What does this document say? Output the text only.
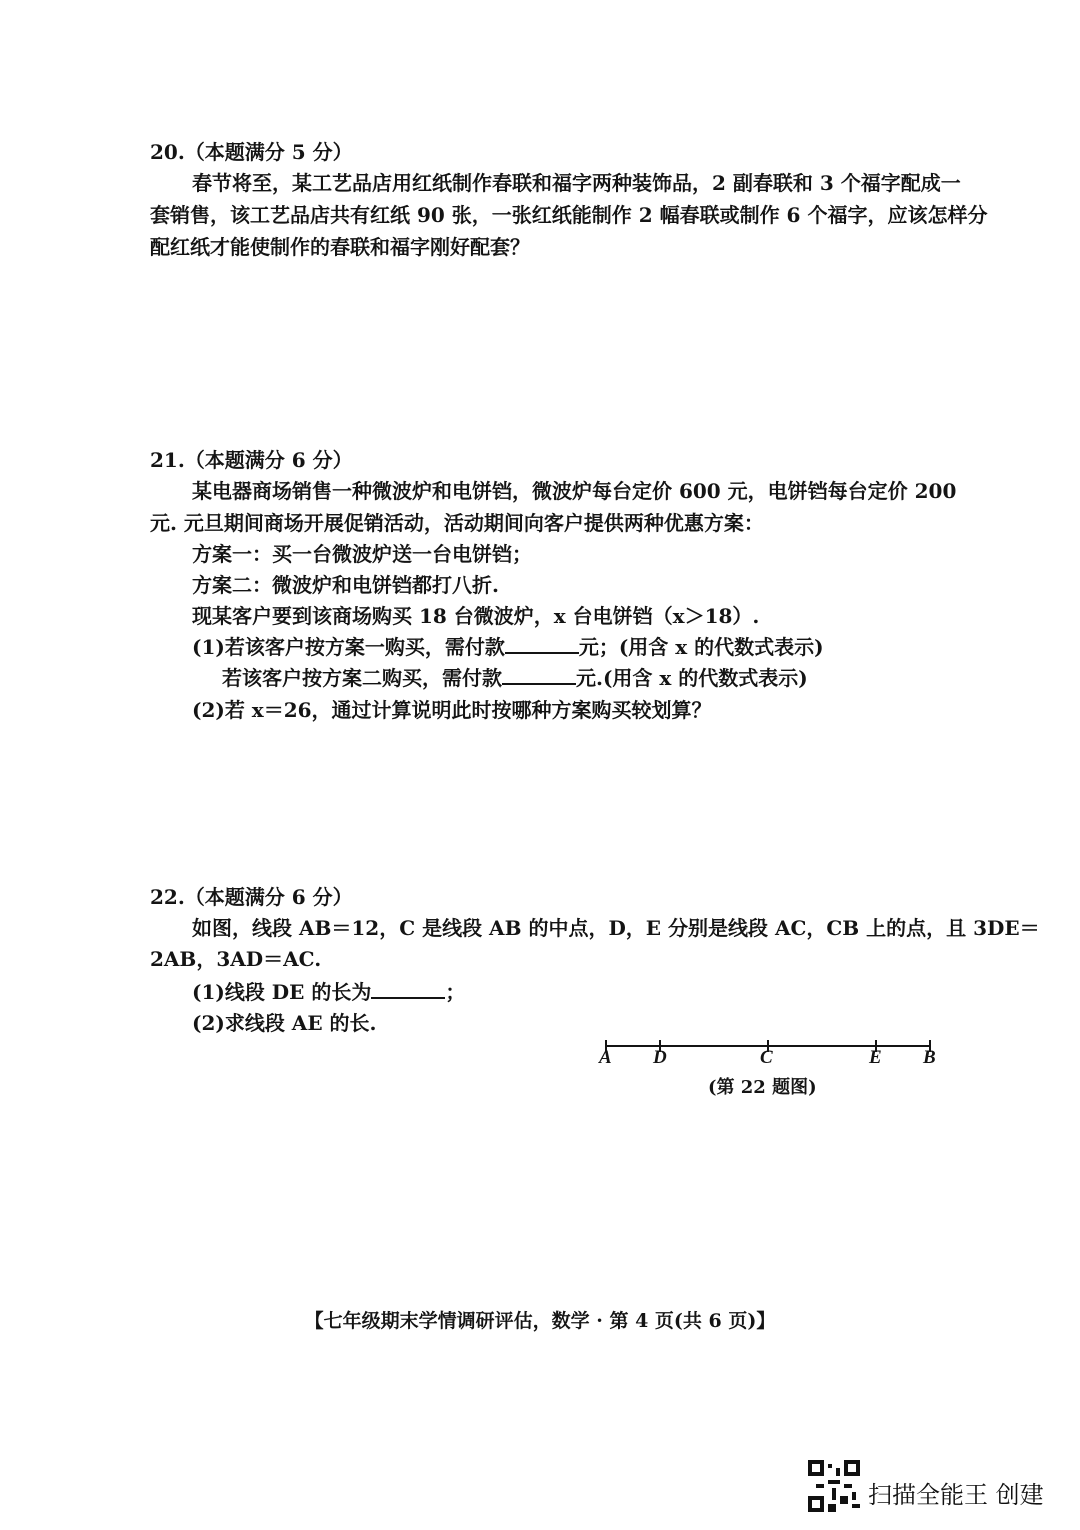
20.（本题满分 5 分）
春节将至，某工艺品店用红纸制作春联和福字两种装饰品，2 副春联和 3 个福字配成一
套销售，该工艺品店共有红纸 90 张，一张红纸能制作 2 幅春联或制作 6 个福字，应该怎样分
配红纸才能使制作的春联和福字刚好配套？
21.（本题满分 6 分）
某电器商场销售一种微波炉和电饼铛，微波炉每台定价 600 元，电饼铛每台定价 200
元. 元旦期间商场开展促销活动，活动期间向客户提供两种优惠方案：
方案一：买一台微波炉送一台电饼铛；
方案二：微波炉和电饼铛都打八折.
现某客户要到该商场购买 18 台微波炉，x 台电饼铛（x＞18）.
(1)若该客户按方案一购买，需付款	元；(用含 x 的代数式表示)
若该客户按方案二购买，需付款	元.(用含 x 的代数式表示)
(2)若 x＝26，通过计算说明此时按哪种方案购买较划算？
22.（本题满分 6 分）
如图，线段 AB＝12，C 是线段 AB 的中点，D，E 分别是线段 AC，CB 上的点，且 3DE＝
2AB，3AD＝AC.
(1)线段 DE 的长为	；
(2)求线段 AE 的长.
A D	C	E B
(第 22 题图)
【七年级期末学情调研评估，数学 · 第 4 页(共 6 页)】
扫描全能王 创建
